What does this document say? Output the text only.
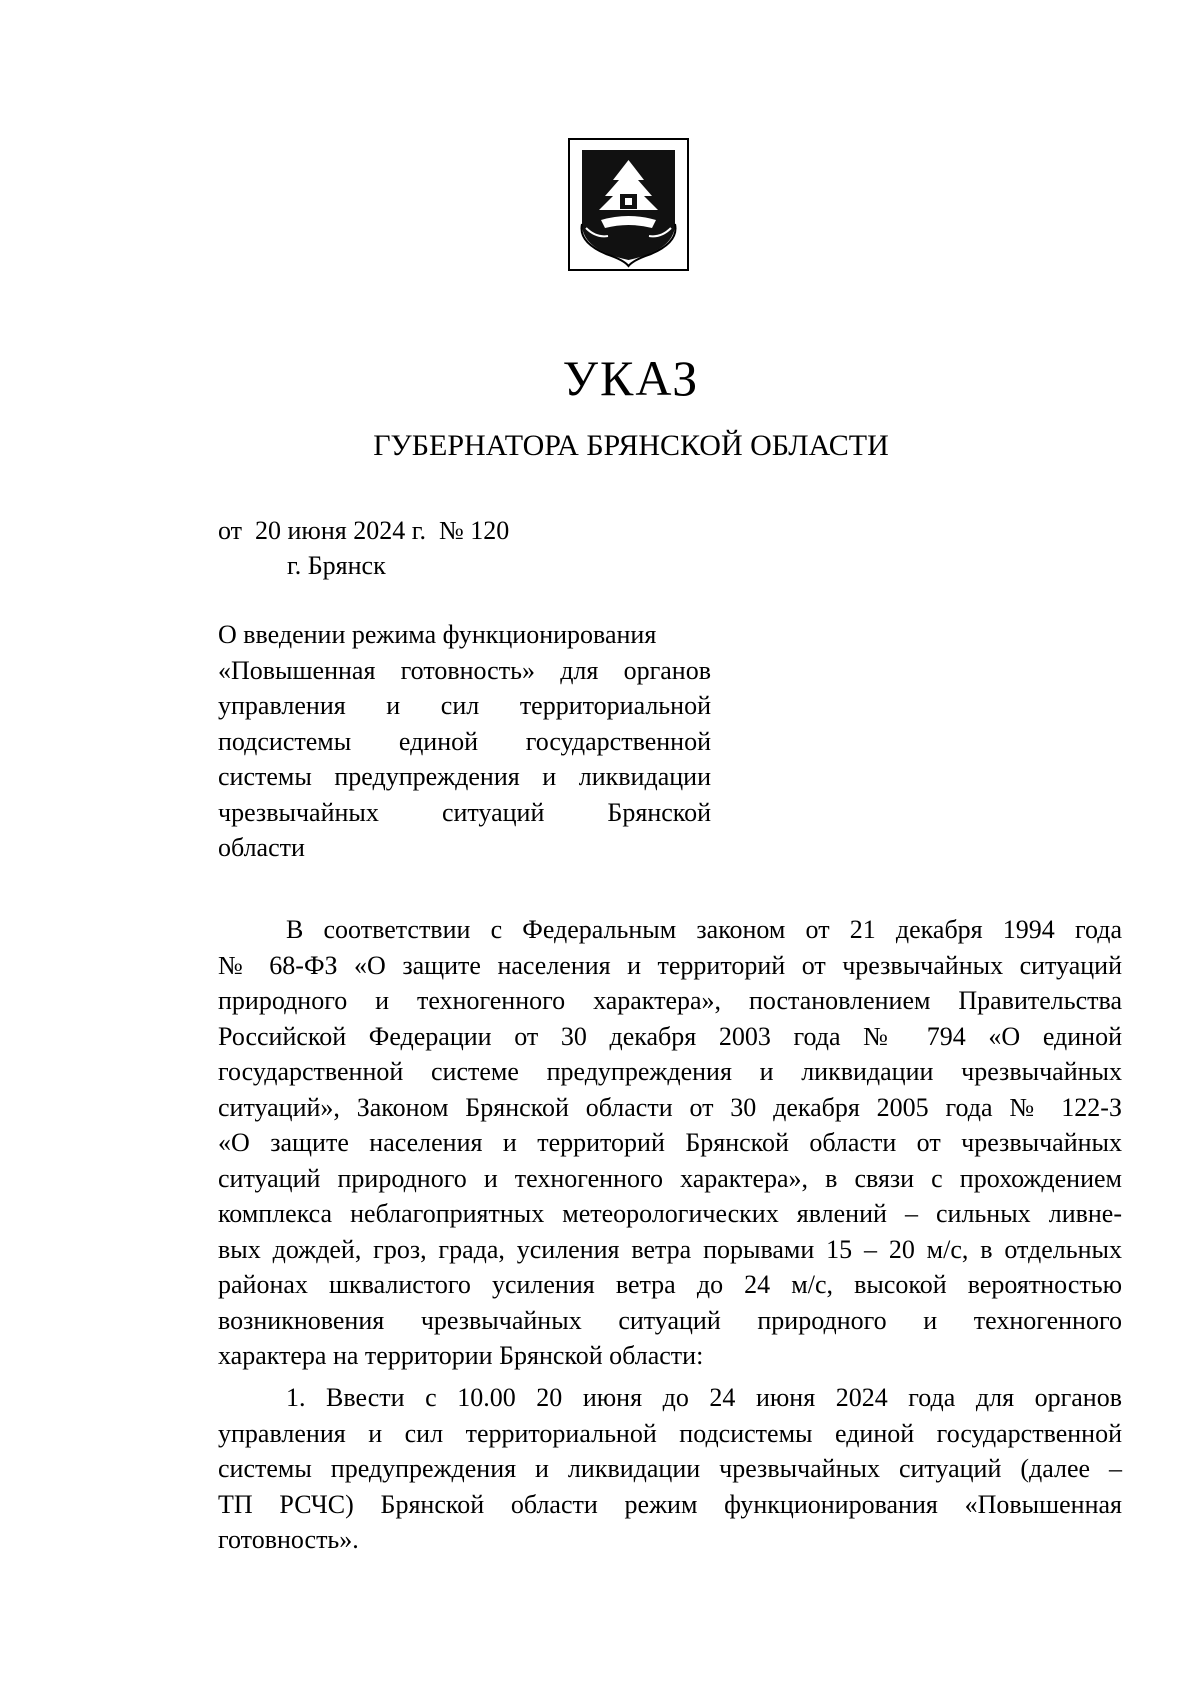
УКАЗ
ГУБЕРНАТОРА БРЯНСКОЙ ОБЛАСТИ
от  20 июня 2024 г.  № 120
г. Брянск
О введении режима функционирования
«Повышенная готовность» для органов
управления и сил территориальной
подсистемы единой государственной
системы предупреждения и ликвидации
чрезвычайных ситуаций Брянской
области
В соответствии с Федеральным законом от 21 декабря 1994 года
№ 68-ФЗ «О защите населения и территорий от чрезвычайных ситуаций
природного и техногенного характера», постановлением Правительства
Российской Федерации от 30 декабря 2003 года № 794 «О единой
государственной системе предупреждения и ликвидации чрезвычайных
ситуаций», Законом Брянской области от 30 декабря 2005 года № 122-З
«О защите населения и территорий Брянской области от чрезвычайных
ситуаций природного и техногенного характера», в связи с прохождением
комплекса неблагоприятных метеорологических явлений – сильных ливне-
вых дождей, гроз, града, усиления ветра порывами 15 – 20 м/с, в отдельных
районах шквалистого усиления ветра до 24 м/с, высокой вероятностью
возникновения чрезвычайных ситуаций природного и техногенного
характера на территории Брянской области:
1. Ввести с 10.00 20 июня до 24 июня 2024 года для органов
управления и сил территориальной подсистемы единой государственной
системы предупреждения и ликвидации чрезвычайных ситуаций (далее –
ТП РСЧС) Брянской области режим функционирования «Повышенная
готовность».
